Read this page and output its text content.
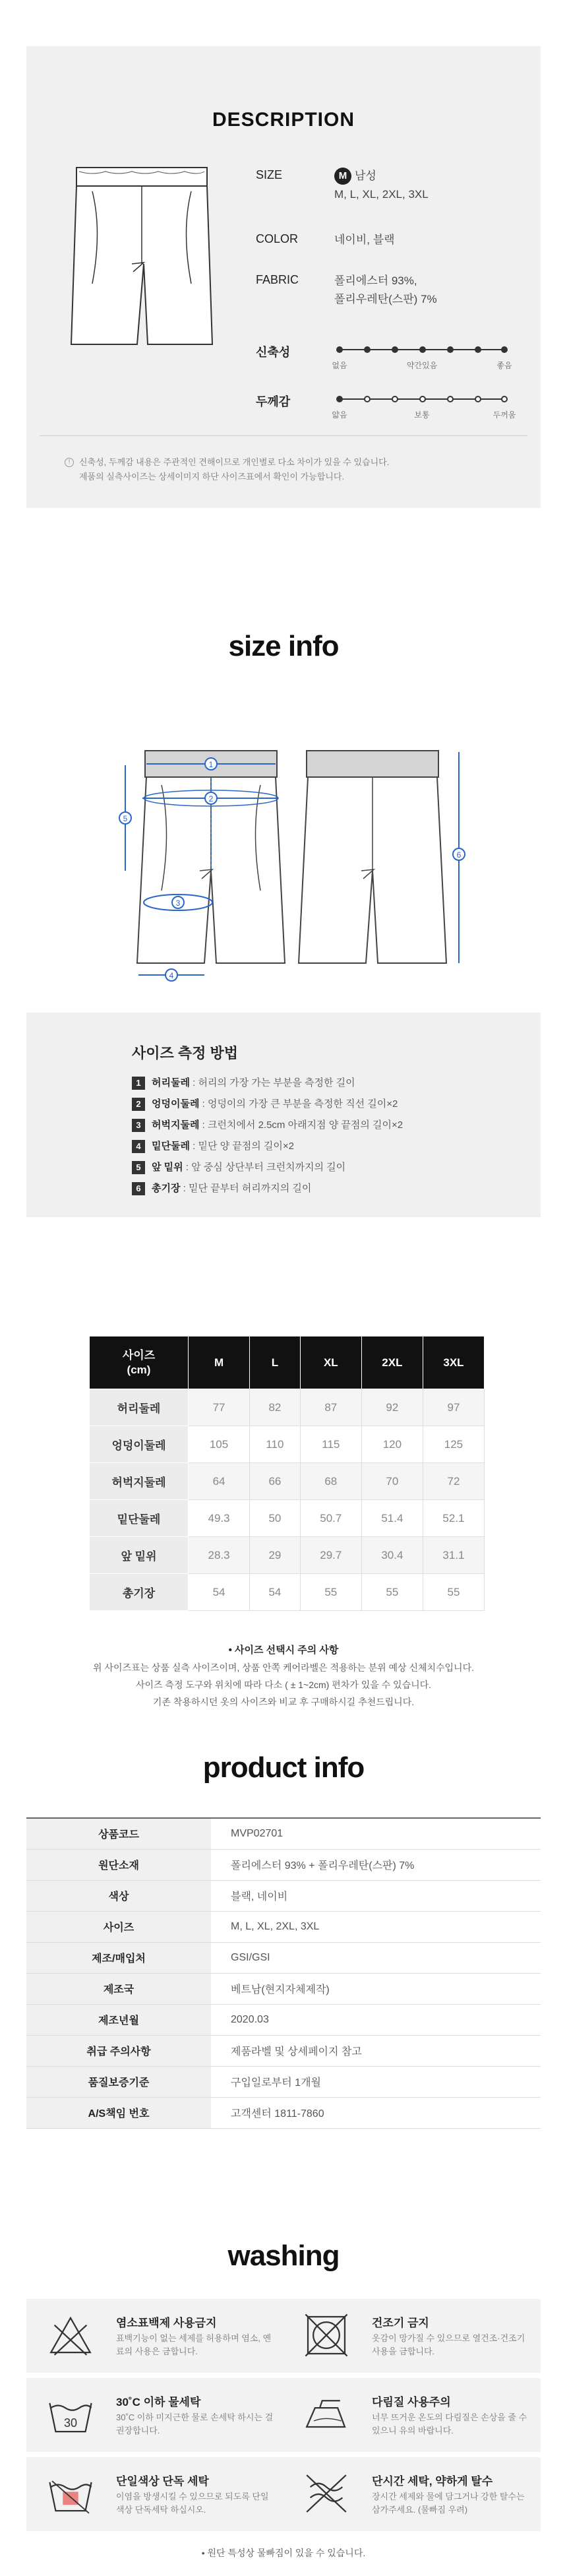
DESCRIPTION
SIZE	M 남성
M, L, XL, 2XL, 3XL
COLOR	네이비, 블랙
FABRIC	폴리에스터 93%,
폴리우레탄(스판) 7%
신축성
없음	약간있음	좋음
두께감
얇음	보통	두꺼움
!	신축성, 두께감 내용은 주관적인 견해이므로 개인별로 다소 차이가 있을 수 있습니다.
제품의 실측사이즈는 상세이미지 하단 사이즈표에서 확인이 가능합니다.
size info
1
2
3
4
5
6
사이즈 측정 방법
1 허리둘레 : 허리의 가장 가는 부분을 측정한 길이
2 엉덩이둘레 : 엉덩이의 가장 큰 부분을 측정한 직선 길이×2
3 허벅지둘레 : 크런치에서 2.5cm 아래지점 양 끝점의 길이×2
4 밑단둘레 : 밑단 양 끝점의 길이×2
5 앞 밑위 : 앞 중심 상단부터 크런치까지의 길이
6 총기장 : 밑단 끝부터 허리까지의 길이
사이즈
(cm)	M	L	XL	2XL	3XL
허리둘레	77	82	87	92	97
엉덩이둘레	105	110	115	120	125
허벅지둘레	64	66	68	70	72
밑단둘레	49.3	50	50.7	51.4	52.1
앞 밑위	28.3	29	29.7	30.4	31.1
총기장	54	54	55	55	55
• 사이즈 선택시 주의 사항
위 사이즈표는 상품 실측 사이즈이며, 상품 안쪽 케어라벨은 적용하는 분위 예상 신체치수입니다.
사이즈 측정 도구와 위치에 따라 다소 ( ± 1~2cm) 편차가 있을 수 있습니다.
기존 착용하시던 옷의 사이즈와 비교 후 구매하시길 추천드립니다.
product info
상품코드	MVP02701
원단소재	폴리에스터 93% + 폴리우레탄(스판) 7%
색상	블랙, 네이비
사이즈	M, L, XL, 2XL, 3XL
제조/매입처	GSI/GSI
제조국	베트남(현지자체제작)
제조년월	2020.03
취급 주의사항	제품라벨 및 상세페이지 참고
품질보증기준	구입일로부터 1개월
A/S책임 번호	고객센터 1811-7860
washing
염소표백제 사용금지
표백기능이 없는 세제를 허용하며 염소, 옌료의 사용은 금합니다.
건조기 금지
옷감이 망가질 수 있으므로 열건조·건조기 사용을 금합니다.
30
30˚C 이하 물세탁
30˚C 이하 미지근한 물로 손세탁 하시는 걸 권장합니다.
다림질 사용주의
너무 뜨거운 온도의 다림질은 손상을 줄 수 있으니 유의 바랍니다.
단일색상 단독 세탁
이염을 방생시킬 수 있으므로 되도록 단일색상 단독세탁 하십시오.
단시간 세탁, 약하게 탈수
장시간 세제와 물에 담그거나 강한 탈수는 삼가주세요. (물빠짐 우려)
• 원단 특성상 물빠짐이 있을 수 있습니다.
